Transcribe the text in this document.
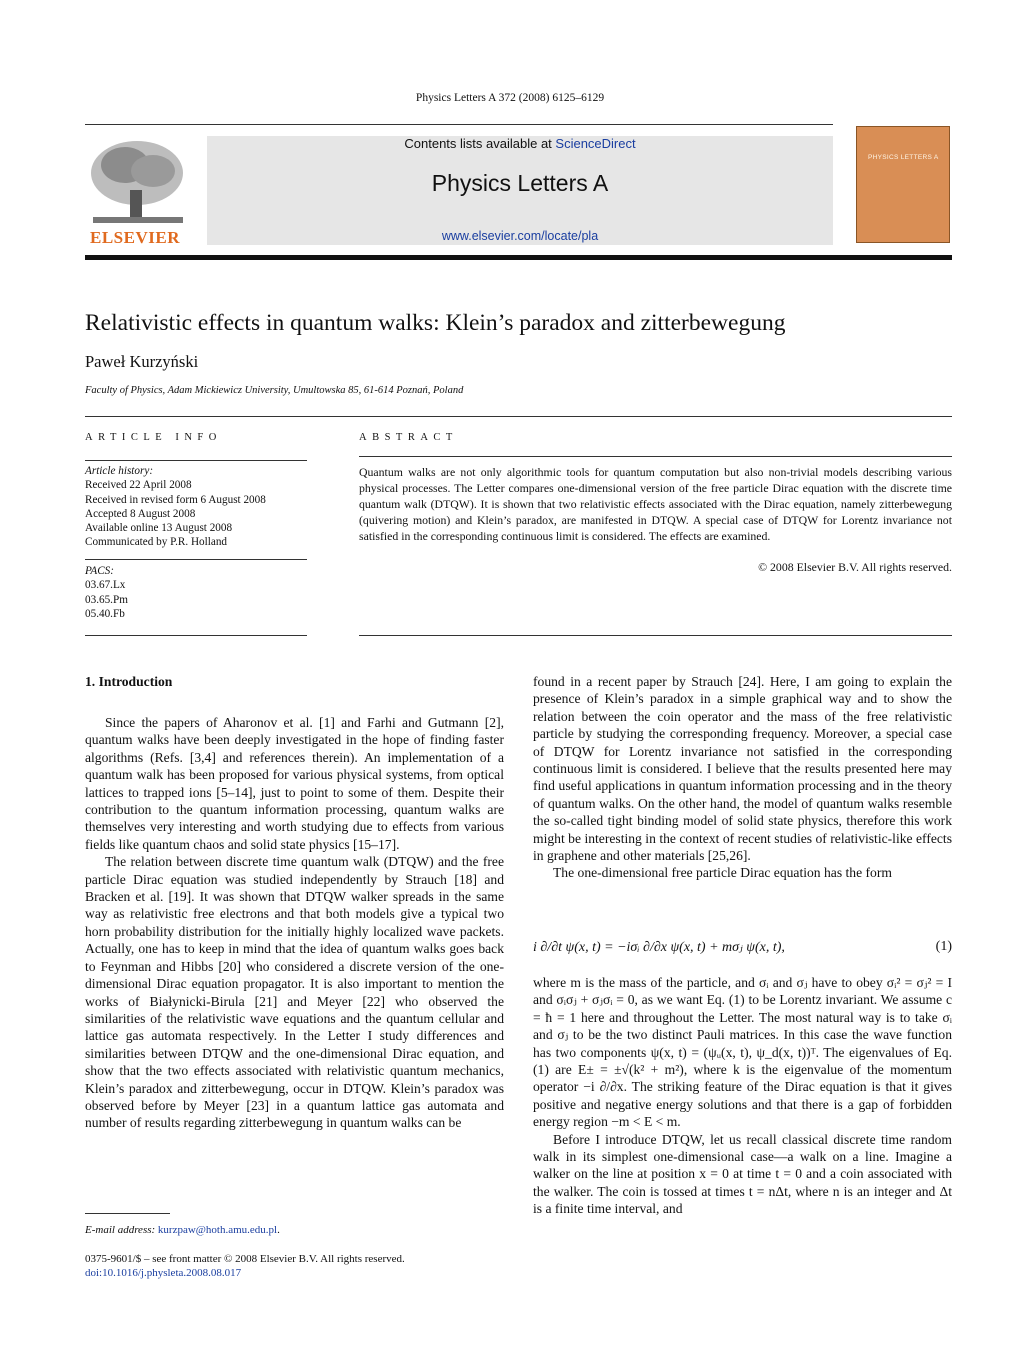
Physics Letters A 372 (2008) 6125–6129
ELSEVIER
Contents lists available at ScienceDirect
Physics Letters A
www.elsevier.com/locate/pla
PHYSICS LETTERS A
Relativistic effects in quantum walks: Klein’s paradox and zitterbewegung
Paweł Kurzyński
Faculty of Physics, Adam Mickiewicz University, Umultowska 85, 61-614 Poznań, Poland
ARTICLE INFO
Article history:
Received 22 April 2008
Received in revised form 6 August 2008
Accepted 8 August 2008
Available online 13 August 2008
Communicated by P.R. Holland
PACS:
03.67.Lx
03.65.Pm
05.40.Fb
ABSTRACT
Quantum walks are not only algorithmic tools for quantum computation but also non-trivial models describing various physical processes. The Letter compares one-dimensional version of the free particle Dirac equation with the discrete time quantum walk (DTQW). It is shown that two relativistic effects associated with the Dirac equation, namely zitterbewegung (quivering motion) and Klein’s paradox, are manifested in DTQW. A special case of DTQW for Lorentz invariance not satisfied in the corresponding continuous limit is considered. The effects are examined.
© 2008 Elsevier B.V. All rights reserved.
1. Introduction

Since the papers of Aharonov et al. [1] and Farhi and Gutmann [2], quantum walks have been deeply investigated in the hope of finding faster algorithms (Refs. [3,4] and references therein). An implementation of a quantum walk has been proposed for various physical systems, from optical lattices to trapped ions [5–14], just to point to some of them. Despite their contribution to the quantum information processing, quantum walks are themselves very interesting and worth studying due to effects from various fields like quantum chaos and solid state physics [15–17].

The relation between discrete time quantum walk (DTQW) and the free particle Dirac equation was studied independently by Strauch [18] and Bracken et al. [19]. It was shown that DTQW walker spreads in the same way as relativistic free electrons and that both models give a typical two horn probability distribution for the initially highly localized wave packets. Actually, one has to keep in mind that the idea of quantum walks goes back to Feynman and Hibbs [20] who considered a discrete version of the one-dimensional Dirac equation propagator. It is also important to mention the works of Białynicki-Birula [21] and Meyer [22] who observed the similarities of the relativistic wave equations and the quantum cellular and lattice gas automata respectively. In the Letter I study differences and similarities between DTQW and the one-dimensional Dirac equation, and show that the two effects associated with relativistic quantum mechanics, Klein’s paradox and zitterbewegung, occur in DTQW. Klein’s paradox was observed before by Meyer [23] in a quantum lattice gas automata and number of results regarding zitterbewegung in quantum walks can be

found in a recent paper by Strauch [24]. Here, I am going to explain the presence of Klein’s paradox in a simple graphical way and to show the relation between the coin operator and the mass of the free relativistic particle by studying the corresponding frequency. Moreover, a special case of DTQW for Lorentz invariance not satisfied in the corresponding continuous limit is considered. I believe that the results presented here may find useful applications in quantum information processing and in the theory of quantum walks. On the other hand, the model of quantum walks resemble the so-called tight binding model of solid state physics, therefore this work might be interesting in the context of recent studies of relativistic-like effects in graphene and other materials [25,26].

The one-dimensional free particle Dirac equation has the form

i ∂/∂t ψ(x, t) = −iσᵢ ∂/∂x ψ(x, t) + mσⱼ ψ(x, t),	(1)

where m is the mass of the particle, and σᵢ and σⱼ have to obey σᵢ² = σⱼ² = I and σᵢσⱼ + σⱼσᵢ = 0, as we want Eq. (1) to be Lorentz invariant. We assume c = ħ = 1 here and throughout the Letter. The most natural way is to take σᵢ and σⱼ to be the two distinct Pauli matrices. In this case the wave function has two components ψ(x, t) = (ψᵤ(x, t), ψ_d(x, t))ᵀ. The eigenvalues of Eq. (1) are E± = ±√(k² + m²), where k is the eigenvalue of the momentum operator −i ∂/∂x. The striking feature of the Dirac equation is that it gives positive and negative energy solutions and that there is a gap of forbidden energy region −m < E < m.

Before I introduce DTQW, let us recall classical discrete time random walk in its simplest one-dimensional case—a walk on a line. Imagine a walker on the line at position x = 0 at time t = 0 and a coin associated with the walker. The coin is tossed at times t = nΔt, where n is an integer and Δt is a finite time interval, and

E-mail address: kurzpaw@hoth.amu.edu.pl.
0375-9601/$ – see front matter © 2008 Elsevier B.V. All rights reserved.
doi:10.1016/j.physleta.2008.08.017
